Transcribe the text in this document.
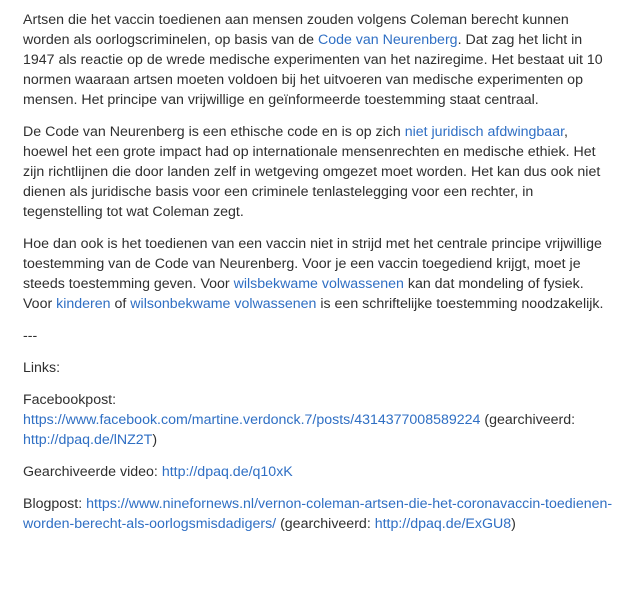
Artsen die het vaccin toedienen aan mensen zouden volgens Coleman berecht kunnen worden als oorlogscriminelen, op basis van de Code van Neurenberg. Dat zag het licht in 1947 als reactie op de wrede medische experimenten van het naziregime. Het bestaat uit 10 normen waaraan artsen moeten voldoen bij het uitvoeren van medische experimenten op mensen. Het principe van vrijwillige en geïnformeerde toestemming staat centraal.

De Code van Neurenberg is een ethische code en is op zich niet juridisch afdwingbaar, hoewel het een grote impact had op internationale mensenrechten en medische ethiek. Het zijn richtlijnen die door landen zelf in wetgeving omgezet moet worden. Het kan dus ook niet dienen als juridische basis voor een criminele tenlastelegging voor een rechter, in tegenstelling tot wat Coleman zegt.

Hoe dan ook is het toedienen van een vaccin niet in strijd met het centrale principe vrijwillige toestemming van de Code van Neurenberg. Voor je een vaccin toegediend krijgt, moet je steeds toestemming geven. Voor wilsbekwame volwassenen kan dat mondeling of fysiek. Voor kinderen of wilsonbekwame volwassenen is een schriftelijke toestemming noodzakelijk.

---

Links:

Facebookpost:
https://www.facebook.com/martine.verdonck.7/posts/4314377008589224 (gearchiveerd: http://dpaq.de/lNZ2T)

Gearchiveerde video: http://dpaq.de/q10xK

Blogpost: https://www.ninefornews.nl/vernon-coleman-artsen-die-het-coronavaccin-toedienen-worden-berecht-als-oorlogsmisdadigers/ (gearchiveerd: http://dpaq.de/ExGU8)
